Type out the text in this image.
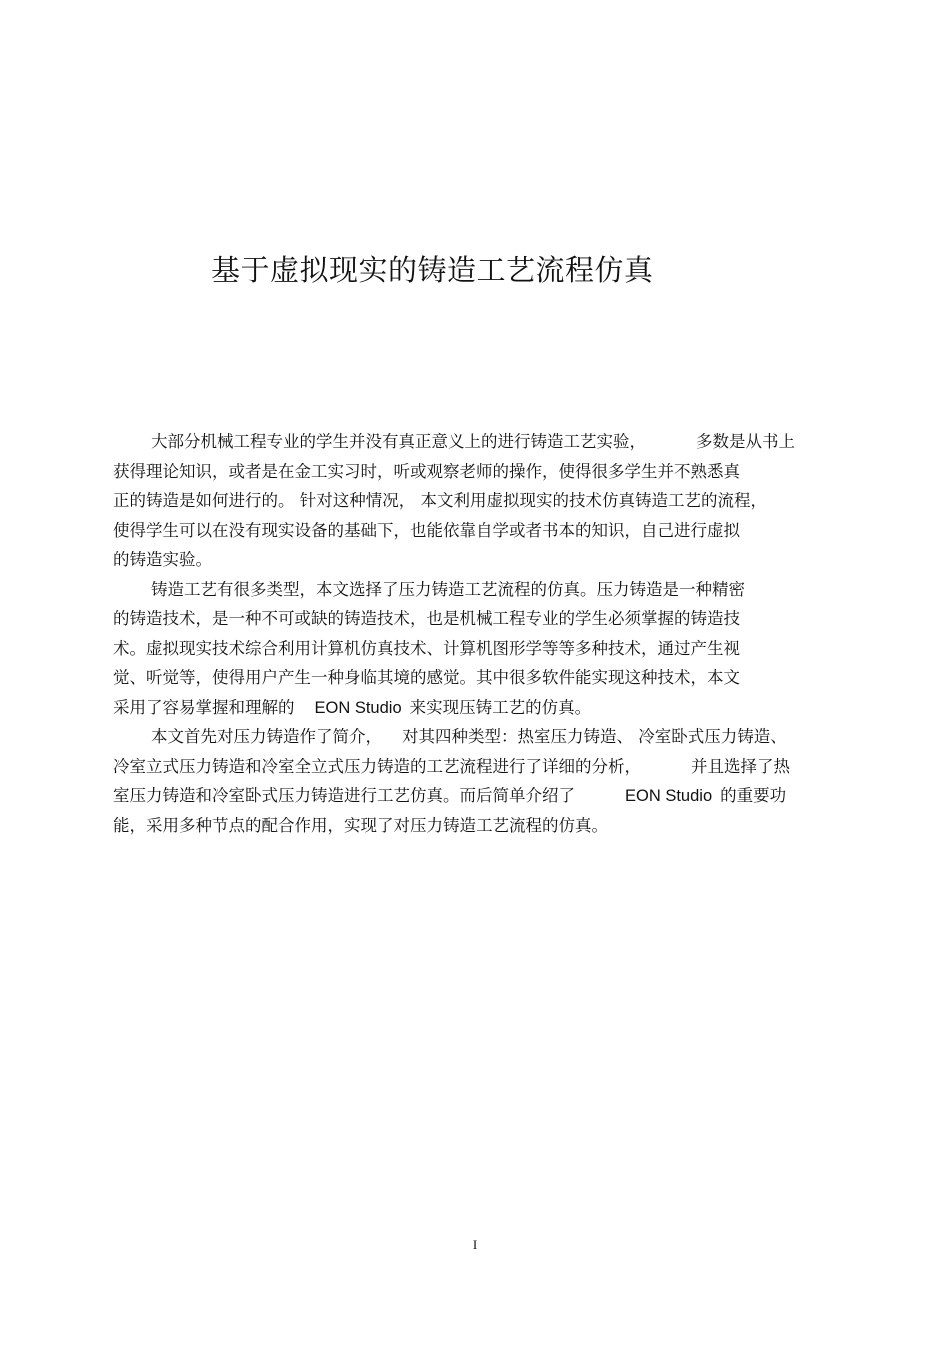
基于虚拟现实的铸造工艺流程仿真

大部分机械工程专业的学生并没有真正意义上的进行铸造工艺实验，	多数是从书上
获得理论知识，或者是在金工实习时，听或观察老师的操作，使得很多学生并不熟悉真
正的铸造是如何进行的。 针对这种情况， 本文利用虚拟现实的技术仿真铸造工艺的流程，
使得学生可以在没有现实设备的基础下，也能依靠自学或者书本的知识，自己进行虚拟
的铸造实验。

铸造工艺有很多类型，本文选择了压力铸造工艺流程的仿真。压力铸造是一种精密
的铸造技术，是一种不可或缺的铸造技术，也是机械工程专业的学生必须掌握的铸造技
术。虚拟现实技术综合利用计算机仿真技术、计算机图形学等等多种技术，通过产生视
觉、听觉等，使得用户产生一种身临其境的感觉。其中很多软件能实现这种技术，本文
采用了容易掌握和理解的 EON Studio 来实现压铸工艺的仿真。

本文首先对压力铸造作了简介， 对其四种类型：热室压力铸造、 冷室卧式压力铸造、
冷室立式压力铸造和冷室全立式压力铸造的工艺流程进行了详细的分析，	并且选择了热
室压力铸造和冷室卧式压力铸造进行工艺仿真。而后简单介绍了	EON Studio 的重要功
能，采用多种节点的配合作用，实现了对压力铸造工艺流程的仿真。

I
